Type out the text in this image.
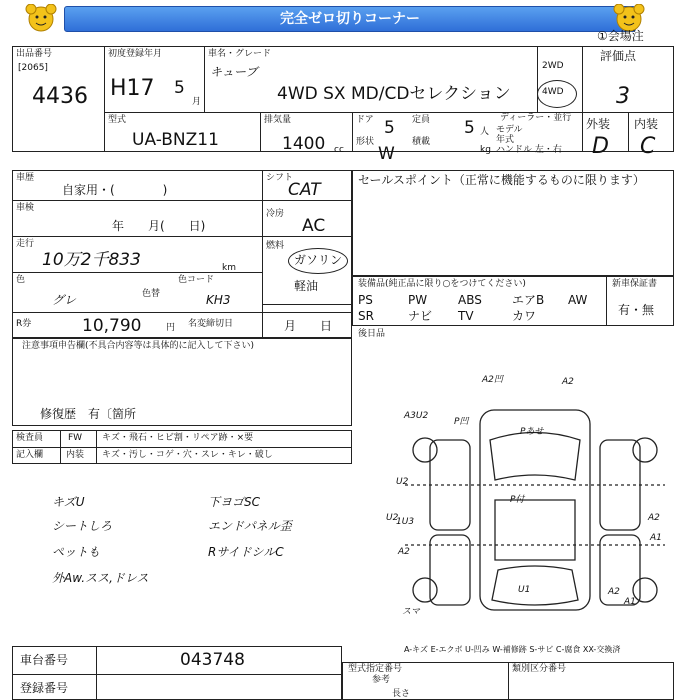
完全ゼロ切りコーナー
出品番号
[2065]
4436
初度登録年月
H17 5
月
車名・グレード
キューブ
4WD SX MD/CDセレクション
2WD
4WD
①会場注
評価点
3
外装 内装
D C
型式
UA-BNZ11
排気量
1400 cc
ドア 5 定員 5 人
形状
W
積載
kg
ディーラー・並行
モデル
年式
ハンドル 左・右
車歴
自家用・(　　　　)
車検
年　　月(　　日)
走行
10万2千833	km
色
グレ	色替
色コード
KH3
R券	10,790	円 名変締切日	月　　日
シフト
CAT
冷房
AC
燃料
ガソリン
軽油
セールスポイント（正常に機能するものに限ります）
装備品(純正品に限り○をつけてください)	新車保証書
有・無
PS	PW	ABS	エアB AW
SR	ナビ TV	カワ
後日品
注意事項申告欄(不具合内容等は具体的に記入して下さい)
修復歴　有〔箇所
検査員	FW キズ・飛石・ヒビ割・リペア跡・×要
記入欄	内装 キズ・汚し・コゲ・穴・スレ・キレ・破し
キズU
シートしろ
ペットも
外Aw.スス,ドレス
下ヨゴSC
エンドパネル歪
RサイドシルC
A2凹	A2
A3U2
P凹
Pあせ
U2
A2
U2
P付
A2
A1
U1
A1
A2
スマ
1U3
車台番号	043748
登録番号
A-キズ E-エクボ U-凹み W-補修跡 S-サビ C-腐食 XX-交換済
型式指定番号	類別区分番号
参考
長さ
